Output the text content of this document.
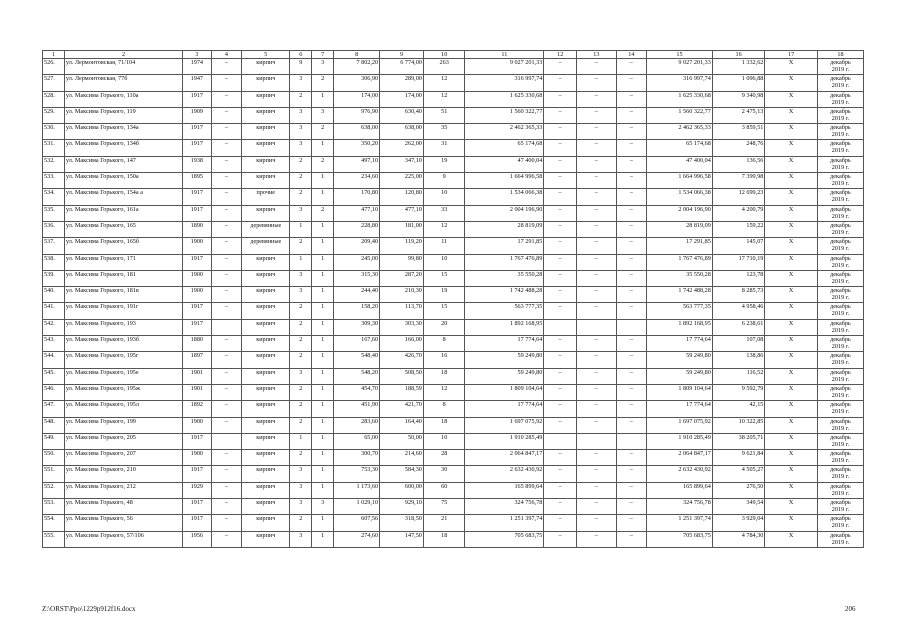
1	2	3	4	5	6	7	8	9	10	11	12	13	14	15	16	17	18
526.	ул. Лермонтовская, 71/104	1974	–	кирпич	9	3	7 802,20	6 774,00	263	9 027 201,33	–	–	–	9 027 201,33	1 332,62	Х	декабрь
2019 г.

527.	ул. Лермонтовская, 77б	1947	–	кирпич	3	2	306,90	289,00	12	316 997,74	–	–	–	316 997,74	1 096,88	Х	декабрь
2019 г.

528.	ул. Максима Горького, 110а	1917	–	кирпич	2	1	174,00	174,00	12	1 625 330,68	–	–	–	1 625 330,68	9 340,98	Х	декабрь
2019 г.

529.	ул. Максима Горького, 119	1909	–	кирпич	3	3	976,90	630,40	51	1 560 322,77	–	–	–	1 560 322,77	2 475,13	Х	декабрь
2019 г.

530.	ул. Максима Горького, 134а	1917	–	кирпич	3	2	638,00	638,00	35	2 462 365,33	–	–	–	2 462 365,33	3 859,51	Х	декабрь
2019 г.

531.	ул. Максима Горького, 134б	1917	–	кирпич	3	1	350,20	262,00	31	65 174,68	–	–	–	65 174,68	248,76	Х	декабрь
2019 г.

532.	ул. Максима Горького, 147	1938	–	кирпич	2	2	497,10	347,10	19	47 400,04	–	–	–	47 400,04	136,56	Х	декабрь
2019 г.

533.	ул. Максима Горького, 150а	1895	–	кирпич	2	1	234,60	225,00	9	1 664 996,58	–	–	–	1 664 996,58	7 399,98	Х	декабрь
2019 г.

534.	ул. Максима Горького, 154а а	1917	–	прочие	2	1	170,80	120,80	10	1 534 066,38	–	–	–	1 534 066,38	12 699,23	Х	декабрь
2019 г.

535.	ул. Максима Горького, 161а	1917	–	кирпич	3	2	477,10	477,10	33	2 004 196,90	–	–	–	2 004 196,90	4 200,79	Х	декабрь
2019 г.

536.	ул. Максима Горького, 165	1890	–	деревянные	1	1	228,80	181,00	12	28 819,09	–	–	–	28 819,09	159,22	Х	декабрь
2019 г.

537.	ул. Максима Горького, 165б	1900	–	деревянные	2	1	209,40	119,20	11	17 291,85	–	–	–	17 291,85	145,07	Х	декабрь
2019 г.

538.	ул. Максима Горького, 171	1917	–	кирпич	1	1	245,00	99,80	10	1 767 476,89	–	–	–	1 767 476,89	17 710,19	Х	декабрь
2019 г.

539.	ул. Максима Горького, 181	1900	–	кирпич	3	1	315,30	287,20	15	35 550,28	–	–	–	35 550,28	123,78	Х	декабрь
2019 г.

540.	ул. Максима Горького, 181в	1900	–	кирпич	3	1	244,40	210,30	19	1 742 488,28	–	–	–	1 742 488,28	8 285,73	Х	декабрь
2019 г.

541.	ул. Максима Горького, 191г	1917	–	кирпич	2	1	158,20	113,70	15	563 777,35	–	–	–	563 777,35	4 958,46	Х	декабрь
2019 г.

542.	ул. Максима Горького, 193	1917		кирпич	2	1	309,30	303,30	20	1 892 168,95				1 892 168,95	6 238,61	Х	декабрь
2019 г.

543.	ул. Максима Горького, 193б	1880	–	кирпич	2	1	167,60	166,00	8	17 774,64	–	–	–	17 774,64	107,08	Х	декабрь
2019 г.

544.	ул. Максима Горького, 195г	1897	–	кирпич	2	1	548,40	426,70	16	59 249,80	–	–	–	59 249,80	138,86	Х	декабрь
2019 г.

545.	ул. Максима Горького, 195е	1901	–	кирпич	3	1	548,20	508,50	18	59 249,80	–	–	–	59 249,80	116,52	Х	декабрь
2019 г.

546.	ул. Максима Горького, 195ж	1901	–	кирпич	2	1	454,70	188,59	12	1 809 104,64	–	–	–	1 809 104,64	9 592,79	Х	декабрь
2019 г.

547.	ул. Максима Горького, 195л	1892	–	кирпич	2	1	451,90	421,70	8	17 774,64	–	–	–	17 774,64	42,15	Х	декабрь
2019 г.

548.	ул. Максима Горького, 199	1900	–	кирпич	2	1	283,60	164,40	18	1 697 075,92	–	–	–	1 697 075,92	10 322,85	Х	декабрь
2019 г.

549.	ул. Максима Горького, 205	1917		кирпич	1	1	65,00	50,00	10	1 910 285,49				1 910 285,49	38 205,71	Х	декабрь
2019 г.

550.	ул. Максима Горького, 207	1900	–	кирпич	2	1	300,70	214,60	28	2 064 847,17	–	–	–	2 064 847,17	9 621,84	Х	декабрь
2019 г.

551.	ул. Максима Горького, 210	1917	–	кирпич	3	1	753,30	584,30	30	2 632 430,92	–	–	–	2 632 430,92	4 505,27	Х	декабрь
2019 г.

552.	ул. Максима Горького, 212	1929	–	кирпич	3	1	1 173,60	600,00	60	165 899,64	–	–	–	165 899,64	276,50	Х	декабрь
2019 г.

553.	ул. Максима Горького, 48	1917	–	кирпич	3	3	1 029,10	929,10	75	324 756,78	–	–	–	324 756,78	349,54	Х	декабрь
2019 г.

554.	ул. Максима Горького, 56	1917	–	кирпич	2	1	607,56	318,50	21	1 251 397,74	–	–	–	1 251 397,74	3 929,04	Х	декабрь
2019 г.

555.	ул. Максима Горького, 57/106	1956	–	кирпич	3	1	274,60	147,50	18	705 683,75	–	–	–	705 683,75	4 784,30	Х	декабрь
2019 г.
Z:\ORST\Ppo\1229p912f16.docx	206
